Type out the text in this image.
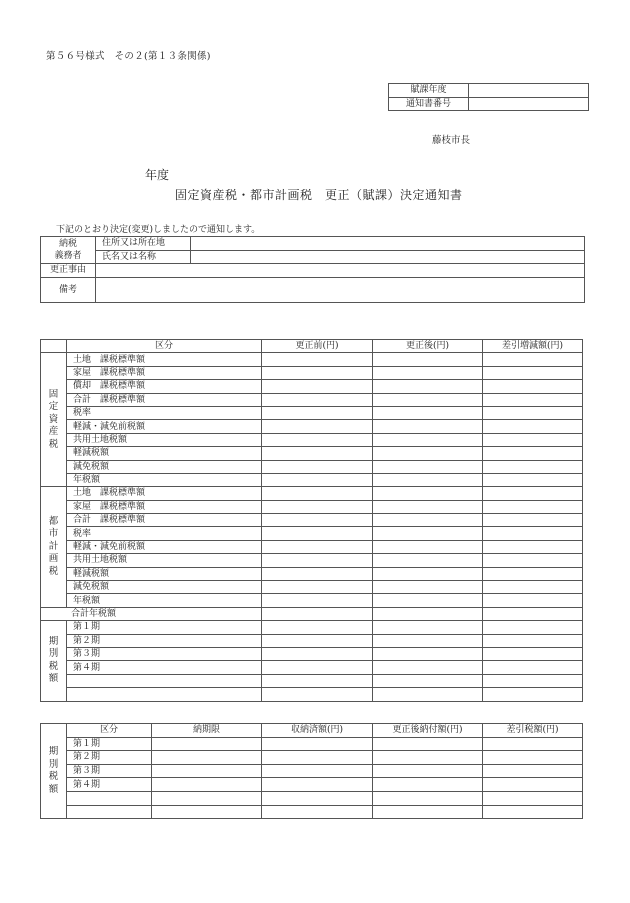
第５６号様式　その２(第１３条関係)
賦課年度	
通知書番号	
藤枝市長
年度
固定資産税・都市計画税　更正（賦課）決定通知書
下記のとおり決定(変更)しましたので通知します。
納税
義務者	住所又は所在地	
	氏名又は名称	
更正事由		
備考		
	区分	更正前(円)	更正後(円)	差引増減額(円)

固
定
資
産
税	土地　課税標準額			
	家屋　課税標準額			
	償却　課税標準額			
	合計　課税標準額			
	税率			
	軽減・減免前税額			
	共用土地税額			
	軽減税額			
	減免税額			
	年税額			

都
市
計
画
税	土地　課税標準額			
	家屋　課税標準額			
	合計　課税標準額			
	税率			
	軽減・減免前税額			
	共用土地税額			
	軽減税額			
	減免税額			
	年税額			
合計年税額				

期
別
税
額	第１期			
	第２期			
	第３期			
	第４期			

期
別
税
額	区分	納期限	収納済額(円)	更正後納付額(円)	差引税額(円)
	第１期				
	第２期				
	第３期				
	第４期				
